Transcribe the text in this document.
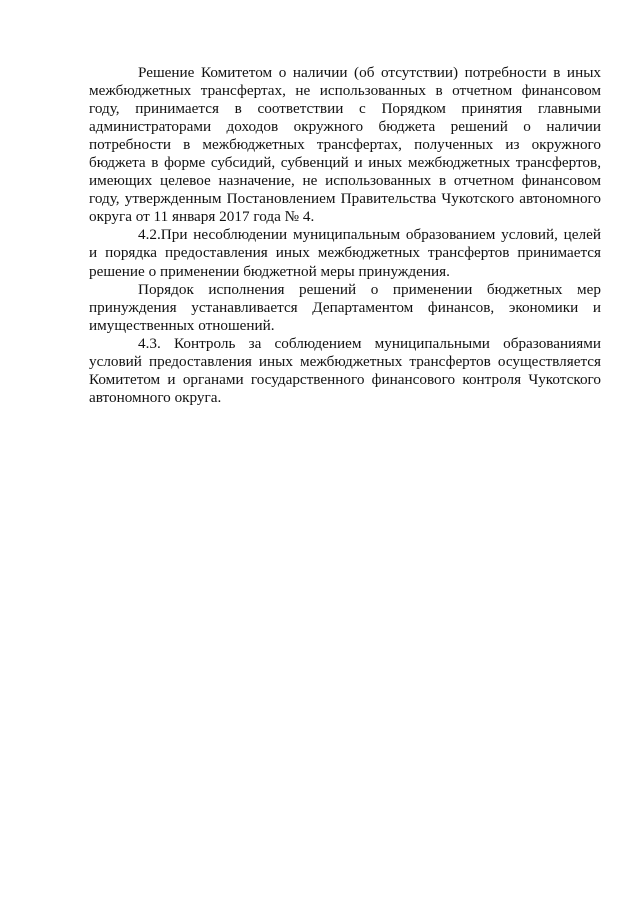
Решение Комитетом о наличии (об отсутствии) потребности в иных межбюджетных трансфертах, не использованных в отчетном финансовом году, принимается в соответствии с Порядком принятия главными администраторами доходов окружного бюджета решений о наличии потребности в межбюджетных трансфертах, полученных из окружного бюджета в форме субсидий, субвенций и иных межбюджетных трансфертов, имеющих целевое назначение, не использованных в отчетном финансовом году, утвержденным Постановлением Правительства Чукотского автономного округа от 11 января 2017 года № 4.

4.2.При несоблюдении муниципальным образованием условий, целей и порядка предоставления иных межбюджетных трансфертов принимается решение о применении бюджетной меры принуждения.

Порядок исполнения решений о применении бюджетных мер принуждения устанавливается Департаментом финансов, экономики и имущественных отношений.

4.3. Контроль за соблюдением муниципальными образованиями условий предоставления иных межбюджетных трансфертов осуществляется Комитетом и органами государственного финансового контроля Чукотского автономного округа.
